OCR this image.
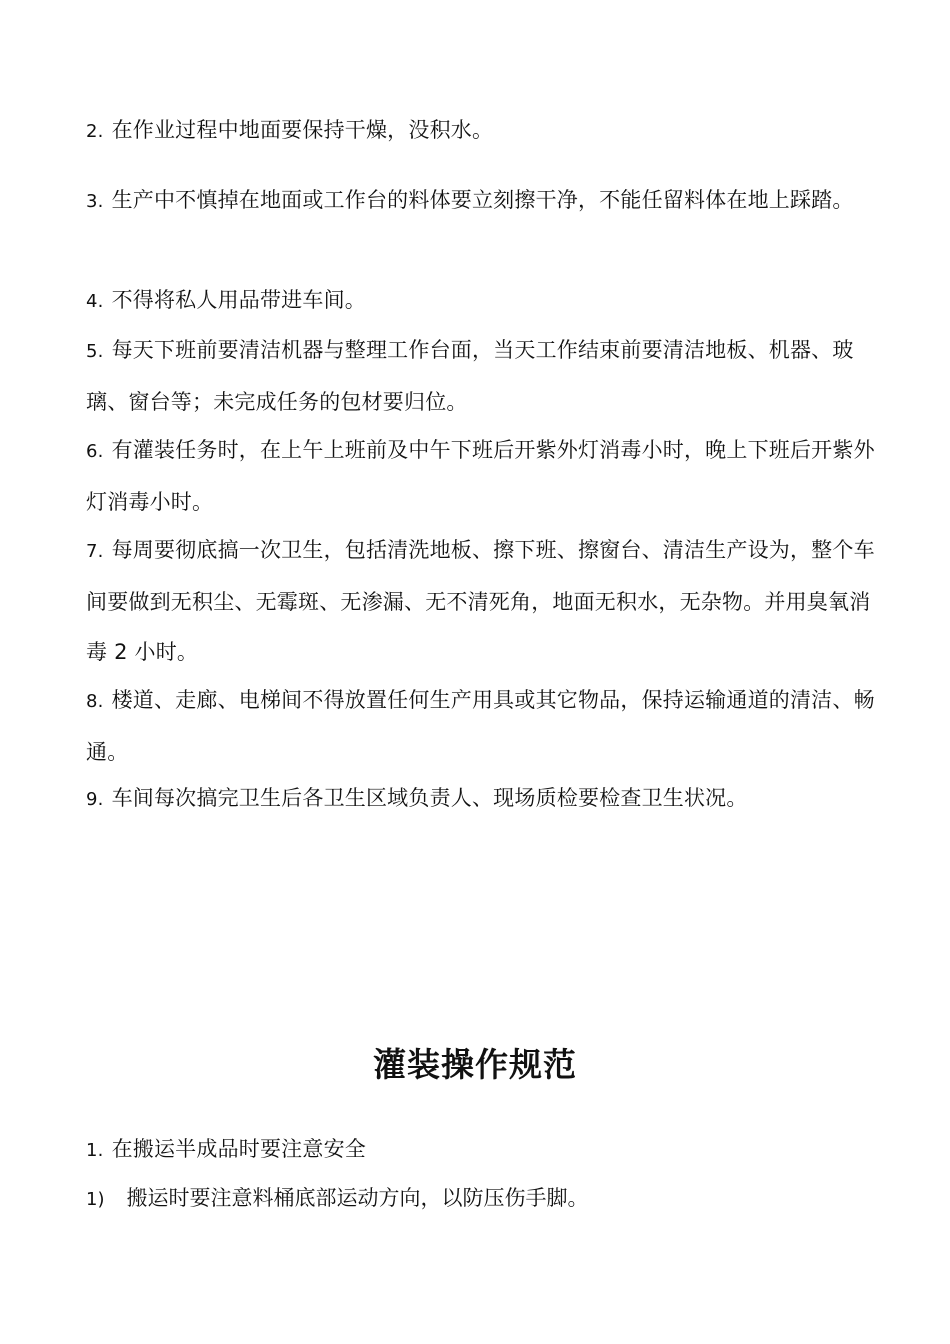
2. 在作业过程中地面要保持干燥，没积水。

3. 生产中不慎掉在地面或工作台的料体要立刻擦干净，不能任留料体在地上踩踏。

4. 不得将私人用品带进车间。

5. 每天下班前要清洁机器与整理工作台面，当天工作结束前要清洁地板、机器、玻璃、窗台等；未完成任务的包材要归位。

6. 有灌装任务时，在上午上班前及中午下班后开紫外灯消毒小时，晚上下班后开紫外灯消毒小时。

7. 每周要彻底搞一次卫生，包括清洗地板、擦下班、擦窗台、清洁生产设为，整个车间要做到无积尘、无霉斑、无渗漏、无不清死角，地面无积水，无杂物。并用臭氧消毒 2 小时。

8. 楼道、走廊、电梯间不得放置任何生产用具或其它物品，保持运输通道的清洁、畅通。

9. 车间每次搞完卫生后各卫生区域负责人、现场质检要检查卫生状况。

灌装操作规范

1. 在搬运半成品时要注意安全

1) 搬运时要注意料桶底部运动方向，以防压伤手脚。
